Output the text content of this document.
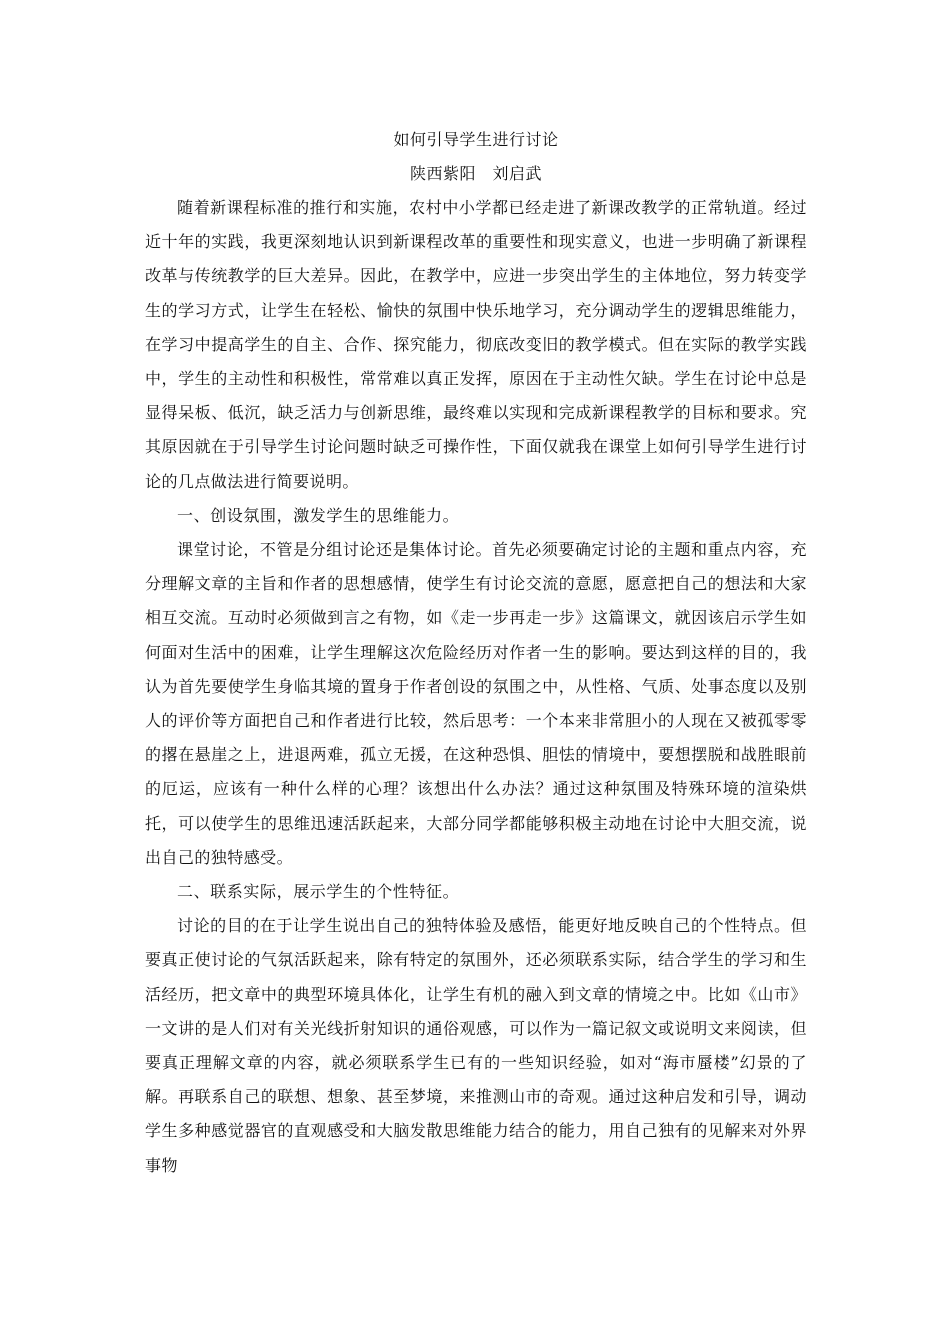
如何引导学生进行讨论
陕西紫阳　刘启武

随着新课程标准的推行和实施，农村中小学都已经走进了新课改教学的正常轨道。经过近十年的实践，我更深刻地认识到新课程改革的重要性和现实意义，也进一步明确了新课程改革与传统教学的巨大差异。因此，在教学中，应进一步突出学生的主体地位，努力转变学生的学习方式，让学生在轻松、愉快的氛围中快乐地学习，充分调动学生的逻辑思维能力，在学习中提高学生的自主、合作、探究能力，彻底改变旧的教学模式。但在实际的教学实践中，学生的主动性和积极性，常常难以真正发挥，原因在于主动性欠缺。学生在讨论中总是显得呆板、低沉，缺乏活力与创新思维，最终难以实现和完成新课程教学的目标和要求。究其原因就在于引导学生讨论问题时缺乏可操作性，下面仅就我在课堂上如何引导学生进行讨论的几点做法进行简要说明。

一、创设氛围，激发学生的思维能力。

课堂讨论，不管是分组讨论还是集体讨论。首先必须要确定讨论的主题和重点内容，充分理解文章的主旨和作者的思想感情，使学生有讨论交流的意愿，愿意把自己的想法和大家相互交流。互动时必须做到言之有物，如《走一步再走一步》这篇课文，就因该启示学生如何面对生活中的困难，让学生理解这次危险经历对作者一生的影响。要达到这样的目的，我认为首先要使学生身临其境的置身于作者创设的氛围之中，从性格、气质、处事态度以及别人的评价等方面把自己和作者进行比较，然后思考：一个本来非常胆小的人现在又被孤零零的撂在悬崖之上，进退两难，孤立无援，在这种恐惧、胆怯的情境中，要想摆脱和战胜眼前的厄运，应该有一种什么样的心理？该想出什么办法？通过这种氛围及特殊环境的渲染烘托，可以使学生的思维迅速活跃起来，大部分同学都能够积极主动地在讨论中大胆交流，说出自己的独特感受。

二、联系实际，展示学生的个性特征。

讨论的目的在于让学生说出自己的独特体验及感悟，能更好地反映自己的个性特点。但要真正使讨论的气氛活跃起来，除有特定的氛围外，还必须联系实际，结合学生的学习和生活经历，把文章中的典型环境具体化，让学生有机的融入到文章的情境之中。比如《山市》一文讲的是人们对有关光线折射知识的通俗观感，可以作为一篇记叙文或说明文来阅读，但要真正理解文章的内容，就必须联系学生已有的一些知识经验，如对“海市蜃楼”幻景的了解。再联系自己的联想、想象、甚至梦境，来推测山市的奇观。通过这种启发和引导，调动学生多种感觉器官的直观感受和大脑发散思维能力结合的能力，用自己独有的见解来对外界事物
